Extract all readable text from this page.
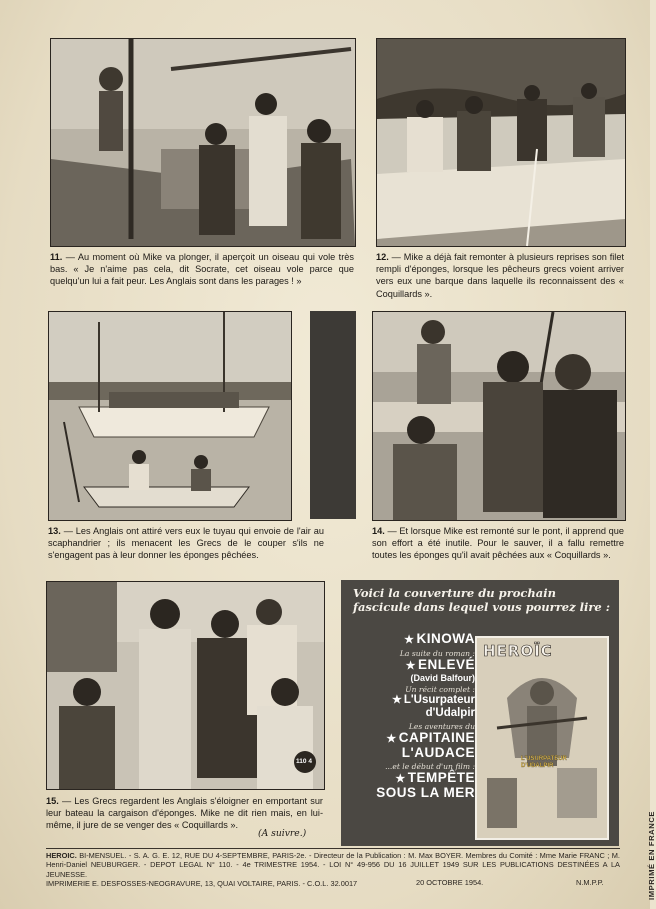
11. — Au moment où Mike va plonger, il aperçoit un oiseau qui vole très bas. « Je n'aime pas cela, dit Socrate, cet oiseau vole parce que quelqu'un lui a fait peur. Les Anglais sont dans les parages ! »
12. — Mike a déjà fait remonter à plusieurs reprises son filet rempli d'éponges, lorsque les pêcheurs grecs voient arriver vers eux une barque dans laquelle ils reconnaissent des « Coquillards ».
13. — Les Anglais ont attiré vers eux le tuyau qui envoie de l'air au scaphandrier ; ils menacent les Grecs de le couper s'ils ne s'engagent pas à leur donner les éponges pêchées.
14. — Et lorsque Mike est remonté sur le pont, il apprend que son effort a été inutile. Pour le sauver, il a fallu remettre toutes les éponges qu'il avait pêchées aux « Coquillards ».
110 4
15. — Les Grecs regardent les Anglais s'éloigner en emportant sur leur bateau la cargaison d'éponges. Mike ne dit rien mais, en lui-même, il jure de se venger des « Coquillards ».
(A suivre.)
Voici la couverture du prochain fascicule dans lequel vous pourrez lire :
★ KINOWA
La suite du roman :
★ ENLEVÉ
(David Balfour)
Un récit complet :
★ L'Usurpateur d'Udalpir
Les aventures du
★ CAPITAINE L'AUDACE
...et le début d'un film :
★ TEMPÊTE SOUS LA MER
HEROÏC
L'USURPATEUR D'UDALPIR
HEROIC. BI-MENSUEL. - S. A. G. E. 12, RUE DU 4-SEPTEMBRE, PARIS-2e. - Directeur de la Publication : M. Max BOYER. Membres du Comité : Mme Marie FRANC ; M. Henri-Daniel NEUBURGER. - DEPOT LEGAL N° 110. - 4e TRIMESTRE 1954. - LOI N° 49-956 DU 16 JUILLET 1949 SUR LES PUBLICATIONS DESTINÉES A LA JEUNESSE.
IMPRIMERIE E. DESFOSSES-NEOGRAVURE, 13, QUAI VOLTAIRE, PARIS. - C.O.L. 32.0017	20 OCTOBRE 1954.	N.M.P.P.	IMPRIMÉ EN FRANCE
